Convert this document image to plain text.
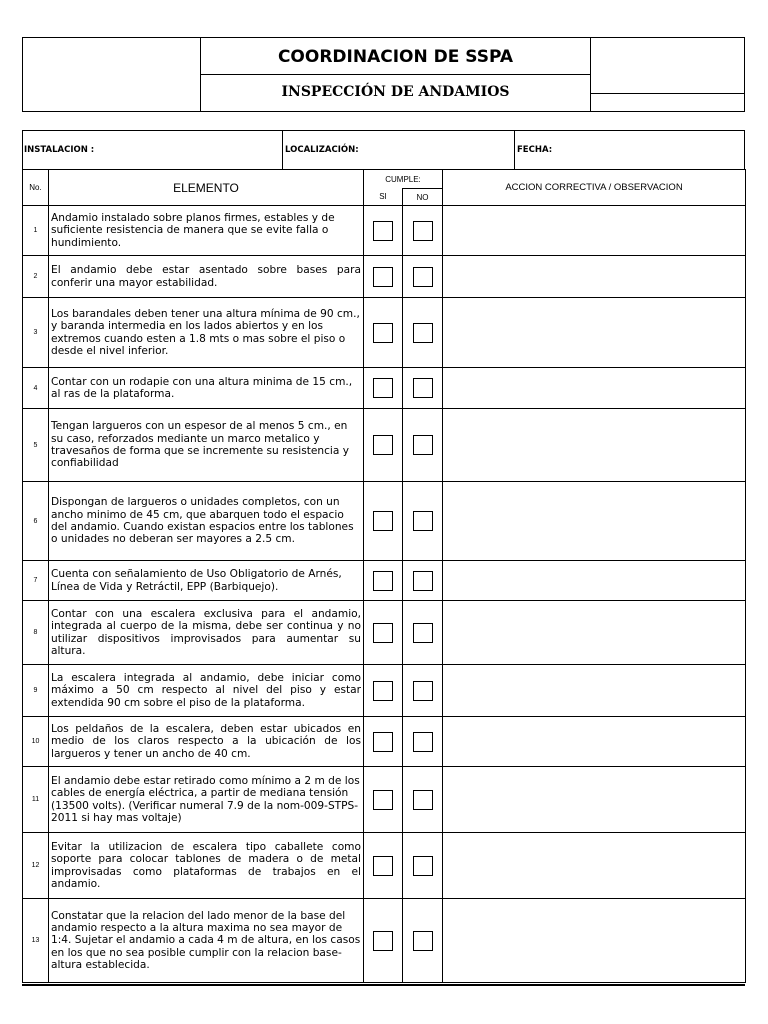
COORDINACION DE SSPA
INSPECCIÓN DE ANDAMIOS
INSTALACION :	LOCALIZACIÓN:	FECHA:
No.	ELEMENTO	CUMPLE:		ACCION CORRECTIVA / OBSERVACION
		SI	NO	
1	Andamio instalado sobre planos firmes, estables y de suficiente resistencia de manera que se evite falla o hundimiento.			
2	El andamio debe estar asentado sobre bases para conferir una mayor estabilidad.			
3	Los barandales deben tener una altura mínima de 90 cm., y baranda intermedia en los lados abiertos y en los extremos cuando esten a 1.8 mts o mas sobre el piso o desde el nivel inferior.			
4	Contar con un rodapie con una altura minima de 15 cm., al ras de la plataforma.			
5	Tengan largueros con un espesor de al menos 5 cm., en su caso, reforzados mediante un marco metalico y travesaños de forma que se incremente su resistencia y confiabilidad			
6	Dispongan de largueros o unidades completos, con un ancho minimo de 45 cm, que abarquen todo el espacio del andamio. Cuando existan espacios entre los tablones o unidades no deberan ser mayores a 2.5 cm.			
7	Cuenta con señalamiento de Uso Obligatorio de Arnés, Línea de Vida y Retráctil, EPP (Barbiquejo).			
8	Contar con una escalera exclusiva para el andamio, integrada al cuerpo de la misma, debe ser continua y no utilizar dispositivos improvisados para aumentar su altura.			
9	La escalera integrada al andamio, debe iniciar como máximo a 50 cm respecto al nivel del piso y estar extendida 90 cm sobre el piso de la plataforma.			
10	Los peldaños de la escalera, deben estar ubicados en medio de los claros respecto a la ubicación de los largueros y tener un ancho de 40 cm.			
11	El andamio debe estar retirado como mínimo a 2 m de los cables de energía eléctrica, a partir de mediana tensión (13500 volts). (Verificar numeral 7.9 de la nom-009-STPS-2011 si hay mas voltaje)			
12	Evitar la utilizacion de escalera tipo caballete como soporte para colocar tablones de madera o de metal improvisadas como plataformas de trabajos en el andamio.			
13	Constatar que la relacion del lado menor de la base del andamio respecto a la altura maxima no sea mayor de 1:4. Sujetar el andamio a cada 4 m de altura, en los casos en los que no sea posible cumplir con la relacion base-altura establecida.			
